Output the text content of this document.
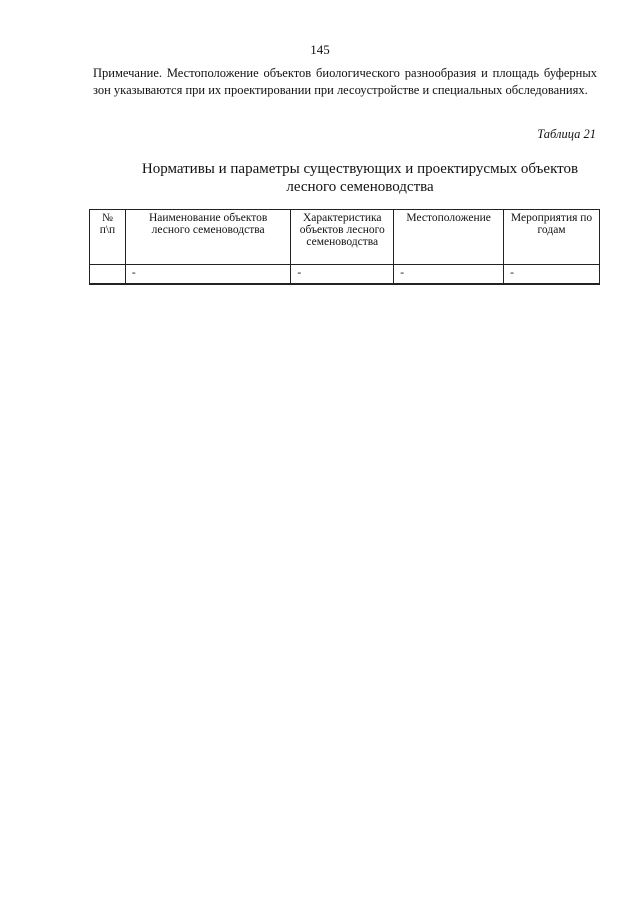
145
Примечание. Местоположение объектов биологического разнообразия и площадь буферных зон указываются при их проектировании при лесоустройстве и специальных обследованиях.
Таблица 21
Нормативы и параметры существующих и проектирусмых объектов
лесного семеноводства
№ п\п	Наименование объектов лесного семеноводства	Характеристика объектов лесного семеноводства	Местоположение	Мероприятия по годам
	-	-	-	-
